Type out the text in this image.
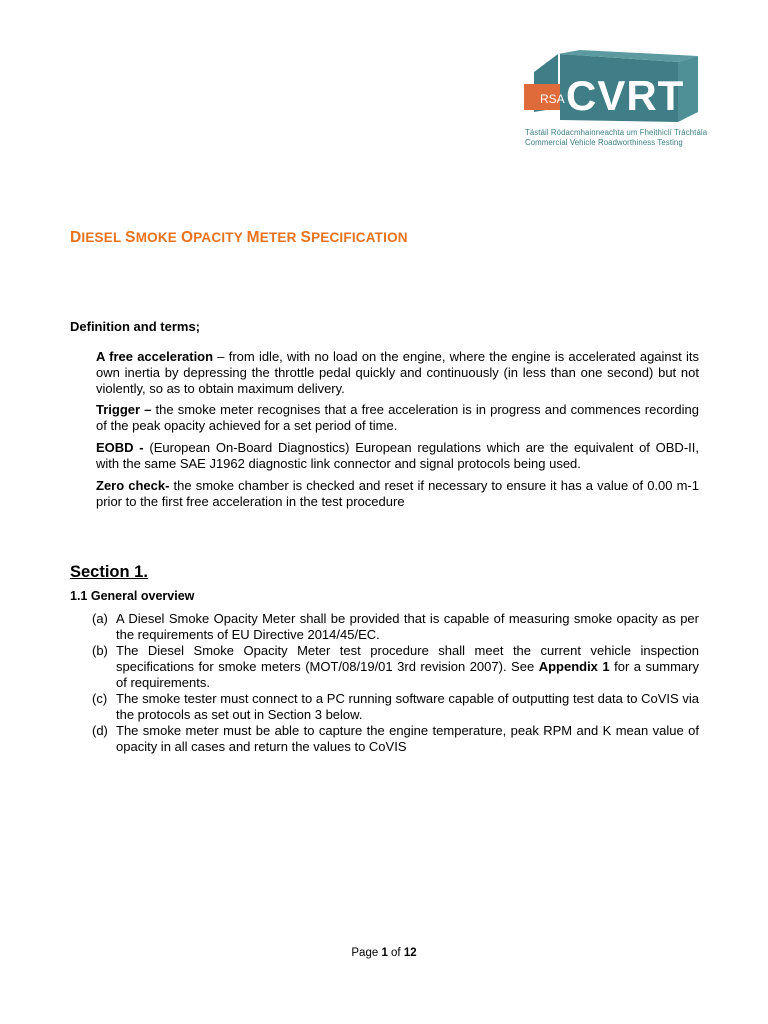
RSA CVRT
Tástáil Ródacmhainneachta um Fheithiclí Tráchtála
Commercial Vehicle Roadworthiness Testing
DIESEL SMOKE OPACITY METER SPECIFICATION
Definition and terms;
A free acceleration – from idle, with no load on the engine, where the engine is accelerated against its own inertia by depressing the throttle pedal quickly and continuously (in less than one second) but not violently, so as to obtain maximum delivery.
Trigger – the smoke meter recognises that a free acceleration is in progress and commences recording of the peak opacity achieved for a set period of time.
EOBD - (European On-Board Diagnostics) European regulations which are the equivalent of OBD-II, with the same SAE J1962 diagnostic link connector and signal protocols being used.
Zero check- the smoke chamber is checked and reset if necessary to ensure it has a value of 0.00 m-1 prior to the first free acceleration in the test procedure
Section 1.
1.1 General overview
(a) A Diesel Smoke Opacity Meter shall be provided that is capable of measuring smoke opacity as per the requirements of EU Directive 2014/45/EC.
(b) The Diesel Smoke Opacity Meter test procedure shall meet the current vehicle inspection specifications for smoke meters (MOT/08/19/01 3rd revision 2007). See Appendix 1 for a summary of requirements.
(c) The smoke tester must connect to a PC running software capable of outputting test data to CoVIS via the protocols as set out in Section 3 below.
(d) The smoke meter must be able to capture the engine temperature, peak RPM and K mean value of opacity in all cases and return the values to CoVIS
Page 1 of 12
